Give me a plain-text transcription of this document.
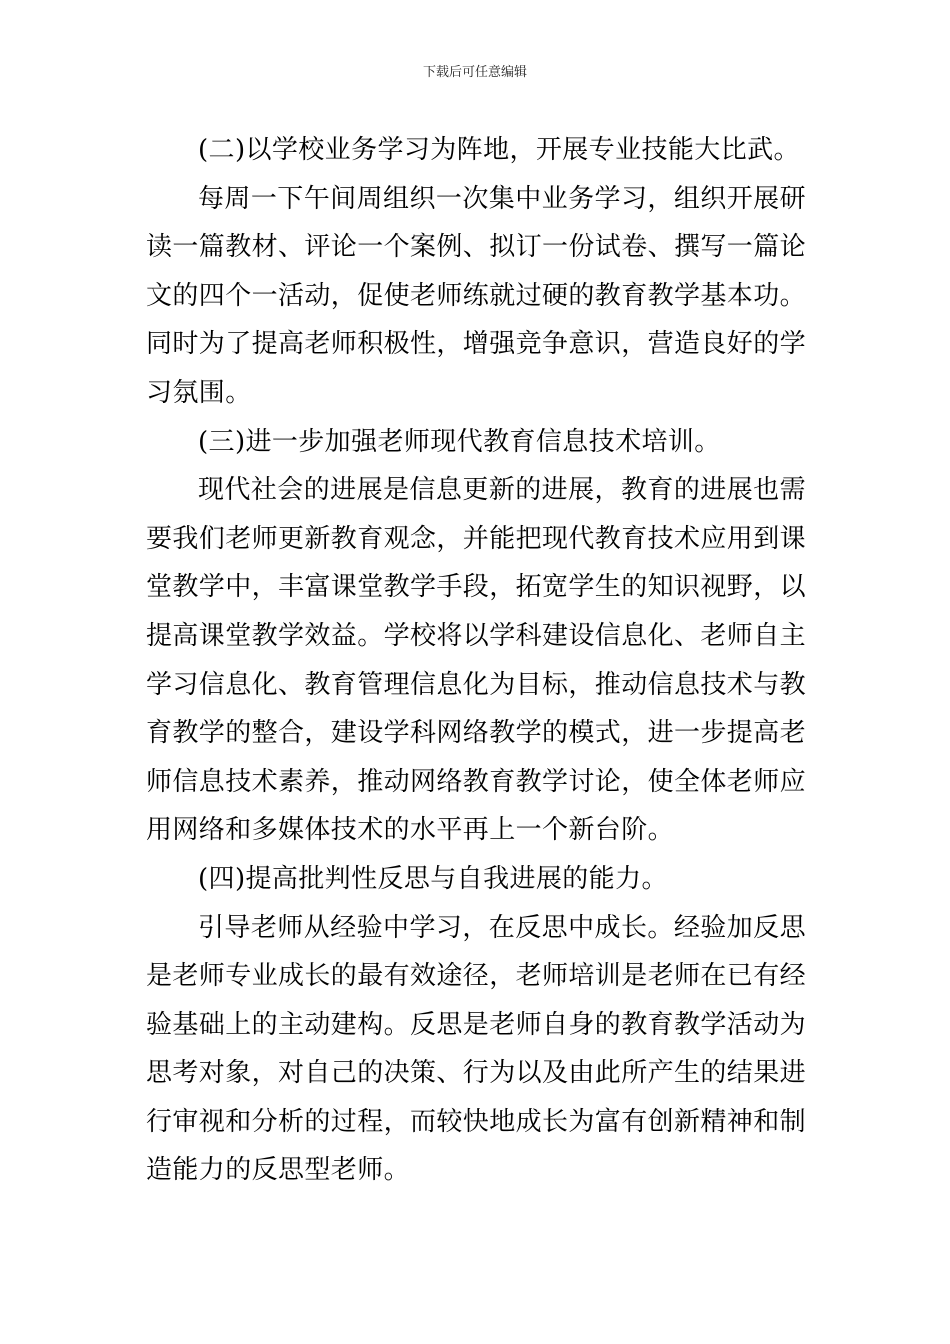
下载后可任意编辑

(二)以学校业务学习为阵地，开展专业技能大比武。

每周一下午间周组织一次集中业务学习，组织开展研读一篇教材、评论一个案例、拟订一份试卷、撰写一篇论文的四个一活动，促使老师练就过硬的教育教学基本功。同时为了提高老师积极性，增强竞争意识，营造良好的学习氛围。

(三)进一步加强老师现代教育信息技术培训。

现代社会的进展是信息更新的进展，教育的进展也需要我们老师更新教育观念，并能把现代教育技术应用到课堂教学中，丰富课堂教学手段，拓宽学生的知识视野，以提高课堂教学效益。学校将以学科建设信息化、老师自主学习信息化、教育管理信息化为目标，推动信息技术与教育教学的整合，建设学科网络教学的模式，进一步提高老师信息技术素养，推动网络教育教学讨论，使全体老师应用网络和多媒体技术的水平再上一个新台阶。

(四)提高批判性反思与自我进展的能力。

引导老师从经验中学习，在反思中成长。经验加反思是老师专业成长的最有效途径，老师培训是老师在已有经验基础上的主动建构。反思是老师自身的教育教学活动为思考对象，对自己的决策、行为以及由此所产生的结果进行审视和分析的过程，而较快地成长为富有创新精神和制造能力的反思型老师。
